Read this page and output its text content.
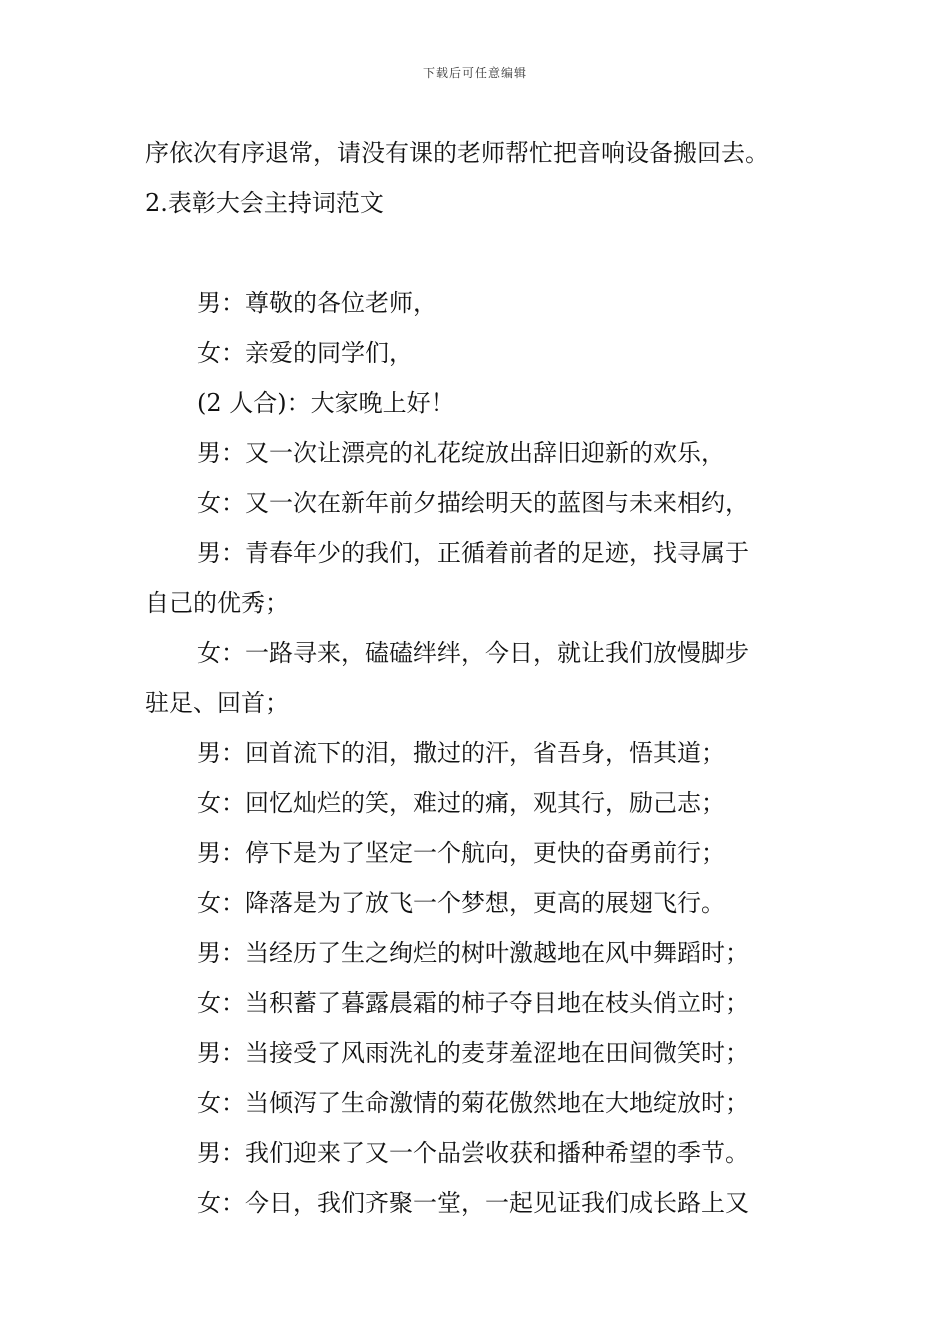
下载后可任意编辑
序依次有序退常，请没有课的老师帮忙把音响设备搬回去。
2.表彰大会主持词范文
男：尊敬的各位老师，
女：亲爱的同学们，
(2 人合)：大家晚上好！
男：又一次让漂亮的礼花绽放出辞旧迎新的欢乐，
女：又一次在新年前夕描绘明天的蓝图与未来相约，
男：青春年少的我们，正循着前者的足迹，找寻属于
自己的优秀；
女：一路寻来，磕磕绊绊，今日，就让我们放慢脚步
驻足、回首；
男：回首流下的泪，撒过的汗，省吾身，悟其道；
女：回忆灿烂的笑，难过的痛，观其行，励己志；
男：停下是为了坚定一个航向，更快的奋勇前行；
女：降落是为了放飞一个梦想，更高的展翅飞行。
男：当经历了生之绚烂的树叶激越地在风中舞蹈时；
女：当积蓄了暮露晨霜的柿子夺目地在枝头俏立时；
男：当接受了风雨洗礼的麦芽羞涩地在田间微笑时；
女：当倾泻了生命激情的菊花傲然地在大地绽放时；
男：我们迎来了又一个品尝收获和播种希望的季节。
女：今日，我们齐聚一堂，一起见证我们成长路上又
